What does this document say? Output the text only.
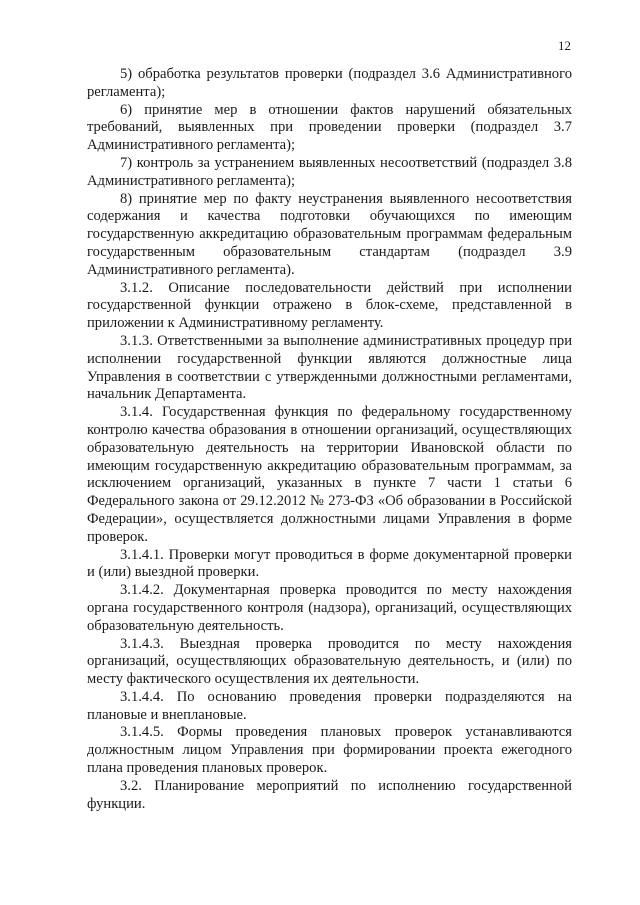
12

5) обработка результатов проверки (подраздел 3.6 Административного регламента);

6) принятие мер в отношении фактов нарушений обязательных требований, выявленных при проведении проверки (подраздел 3.7 Административного регламента);

7) контроль за устранением выявленных несоответствий (подраздел 3.8 Административного регламента);

8) принятие мер по факту неустранения выявленного несоответствия содержания и качества подготовки обучающихся по имеющим государственную аккредитацию образовательным программам федеральным государственным образовательным стандартам (подраздел 3.9 Административного регламента).

3.1.2. Описание последовательности действий при исполнении государственной функции отражено в блок-схеме, представленной в приложении к Административному регламенту.

3.1.3. Ответственными за выполнение административных процедур при исполнении государственной функции являются должностные лица Управления в соответствии с утвержденными должностными регламентами, начальник Департамента.

3.1.4. Государственная функция по федеральному государственному контролю качества образования в отношении организаций, осуществляющих образовательную деятельность на территории Ивановской области по имеющим государственную аккредитацию образовательным программам, за исключением организаций, указанных в пункте 7 части 1 статьи 6 Федерального закона от 29.12.2012 № 273-ФЗ «Об образовании в Российской Федерации», осуществляется должностными лицами Управления в форме проверок.

3.1.4.1. Проверки могут проводиться в форме документарной проверки и (или) выездной проверки.

3.1.4.2. Документарная проверка проводится по месту нахождения органа государственного контроля (надзора), организаций, осуществляющих образовательную деятельность.

3.1.4.3. Выездная проверка проводится по месту нахождения организаций, осуществляющих образовательную деятельность, и (или) по месту фактического осуществления их деятельности.

3.1.4.4. По основанию проведения проверки подразделяются на плановые и внеплановые.

3.1.4.5. Формы проведения плановых проверок устанавливаются должностным лицом Управления при формировании проекта ежегодного плана проведения плановых проверок.

3.2. Планирование мероприятий по исполнению государственной функции.
